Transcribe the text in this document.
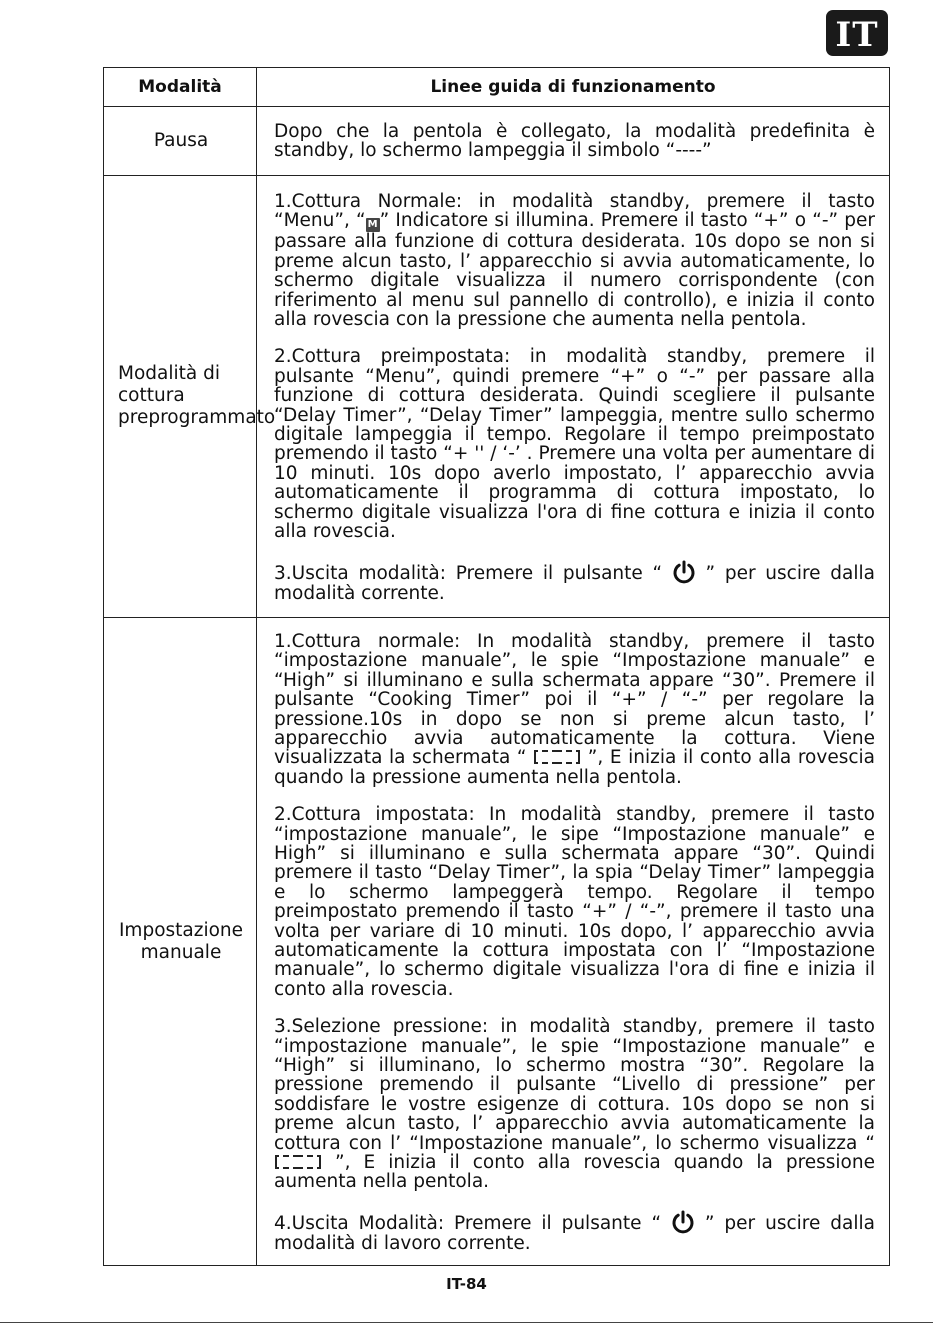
IT
Modalità	Linee guida di funzionamento
Pausa	Dopo che la pentola è collegato, la modalità predefinita è standby, lo schermo lampeggia il simbolo “----”

Modalità di cottura preprogrammato	1.Cottura Normale: in modalità standby, premere il tasto “Menu”, “ M ” Indicatore si illumina. Premere il tasto “+” o “-” per passare alla funzione di cottura desiderata. 10s dopo se non si preme alcun tasto, l’ apparecchio si avvia automaticamente, lo schermo digitale visualizza il numero corrispondente (con riferimento al menu sul pannello di controllo), e inizia il conto alla rovescia con la pressione che aumenta nella pentola.

2.Cottura preimpostata: in modalità standby, premere il pulsante “Menu”, quindi premere “+” o “-” per passare alla funzione di cottura desiderata. Quindi scegliere il pulsante “Delay Timer”, “Delay Timer” lampeggia, mentre sullo schermo digitale lampeggia il tempo. Regolare il tempo preimpostato premendo il tasto “+ '' / ‘-’ . Premere una volta per aumentare di 10 minuti. 10s dopo averlo impostato, l’ apparecchio avvia automaticamente il programma di cottura impostato, lo schermo digitale visualizza l'ora di fine cottura e inizia il conto alla rovescia.

3.Uscita modalità: Premere il pulsante “ ” per uscire dalla modalità corrente.

Impostazione manuale	1.Cottura normale: In modalità standby, premere il tasto “impostazione manuale”, le spie “Impostazione manuale” e “High” si illuminano e sulla schermata appare “30”. Premere il pulsante “Cooking Timer” poi il “+” / “-” per regolare la pressione.10s in dopo se non si preme alcun tasto, l’ apparecchio avvia automaticamente la cottura. Viene visualizzata la schermata “ ”, E inizia il conto alla rovescia quando la pressione aumenta nella pentola.

2.Cottura impostata: In modalità standby, premere il tasto “impostazione manuale”, le sipe “Impostazione manuale” e High” si illuminano e sulla schermata appare “30”. Quindi premere il tasto “Delay Timer”, la spia “Delay Timer” lampeggia e lo schermo lampeggerà tempo. Regolare il tempo preimpostato premendo il tasto “+” / “-”, premere il tasto una volta per variare di 10 minuti. 10s dopo, l’ apparecchio avvia automaticamente la cottura impostata con l’ “Impostazione manuale”, lo schermo digitale visualizza l'ora di fine e inizia il conto alla rovescia.

3.Selezione pressione: in modalità standby, premere il tasto “impostazione manuale”, le spie “Impostazione manuale” e “High” si illuminano, lo schermo mostra “30”. Regolare la pressione premendo il pulsante “Livello di pressione” per soddisfare le vostre esigenze di cottura. 10s dopo se non si preme alcun tasto, l’ apparecchio avvia automaticamente la cottura con l’ “Impostazione manuale”, lo schermo visualizza “  ”, E inizia il conto alla rovescia quando la pressione aumenta nella pentola.

4.Uscita Modalità: Premere il pulsante “ ” per uscire dalla modalità di lavoro corrente.

IT-84
